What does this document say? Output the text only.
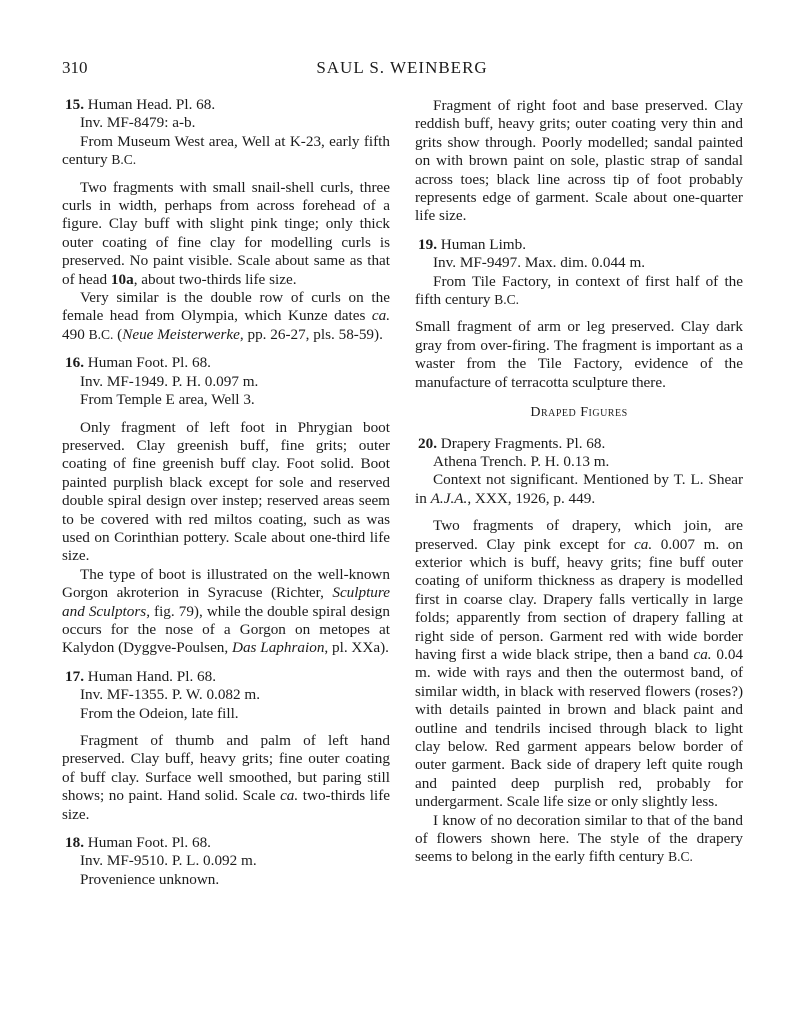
310	SAUL S. WEINBERG

15. Human Head. Pl. 68.

Inv. MF-8479: a-b.

From Museum West area, Well at K-23, early fifth century B.C.

Two fragments with small snail-shell curls, three curls in width, perhaps from across forehead of a figure. Clay buff with slight pink tinge; only thick outer coating of fine clay for modelling curls is preserved. No paint visible. Scale about same as that of head 10a, about two-thirds life size.

Very similar is the double row of curls on the female head from Olympia, which Kunze dates ca. 490 B.C. (Neue Meisterwerke, pp. 26-27, pls. 58-59).

16. Human Foot. Pl. 68.

Inv. MF-1949. P. H. 0.097 m.

From Temple E area, Well 3.

Only fragment of left foot in Phrygian boot preserved. Clay greenish buff, fine grits; outer coating of fine greenish buff clay. Foot solid. Boot painted purplish black except for sole and reserved double spiral design over instep; reserved areas seem to be covered with red miltos coating, such as was used on Corinthian pottery. Scale about one-third life size.

The type of boot is illustrated on the well-known Gorgon akroterion in Syracuse (Richter, Sculpture and Sculptors, fig. 79), while the double spiral design occurs for the nose of a Gorgon on metopes at Kalydon (Dyggve-Poulsen, Das Laphraion, pl. XXa).

17. Human Hand. Pl. 68.

Inv. MF-1355. P. W. 0.082 m.

From the Odeion, late fill.

Fragment of thumb and palm of left hand preserved. Clay buff, heavy grits; fine outer coating of buff clay. Surface well smoothed, but paring still shows; no paint. Hand solid. Scale ca. two-thirds life size.

18. Human Foot. Pl. 68.

Inv. MF-9510. P. L. 0.092 m.

Provenience unknown.

Fragment of right foot and base preserved. Clay reddish buff, heavy grits; outer coating very thin and grits show through. Poorly modelled; sandal painted on with brown paint on sole, plastic strap of sandal across toes; black line across tip of foot probably represents edge of garment. Scale about one-quarter life size.

19. Human Limb.

Inv. MF-9497. Max. dim. 0.044 m.

From Tile Factory, in context of first half of the fifth century B.C.

Small fragment of arm or leg preserved. Clay dark gray from over-firing. The fragment is important as a waster from the Tile Factory, evidence of the manufacture of terracotta sculpture there.

Draped Figures

20. Drapery Fragments. Pl. 68.

Athena Trench. P. H. 0.13 m.

Context not significant. Mentioned by T. L. Shear in A.J.A., XXX, 1926, p. 449.

Two fragments of drapery, which join, are preserved. Clay pink except for ca. 0.007 m. on exterior which is buff, heavy grits; fine buff outer coating of uniform thickness as drapery is modelled first in coarse clay. Drapery falls vertically in large folds; apparently from section of drapery falling at right side of person. Garment red with wide border having first a wide black stripe, then a band ca. 0.04 m. wide with rays and then the outermost band, of similar width, in black with reserved flowers (roses?) with details painted in brown and black paint and outline and tendrils incised through black to light clay below. Red garment appears below border of outer garment. Back side of drapery left quite rough and painted deep purplish red, probably for undergarment. Scale life size or only slightly less.

I know of no decoration similar to that of the band of flowers shown here. The style of the drapery seems to belong in the early fifth century B.C.
